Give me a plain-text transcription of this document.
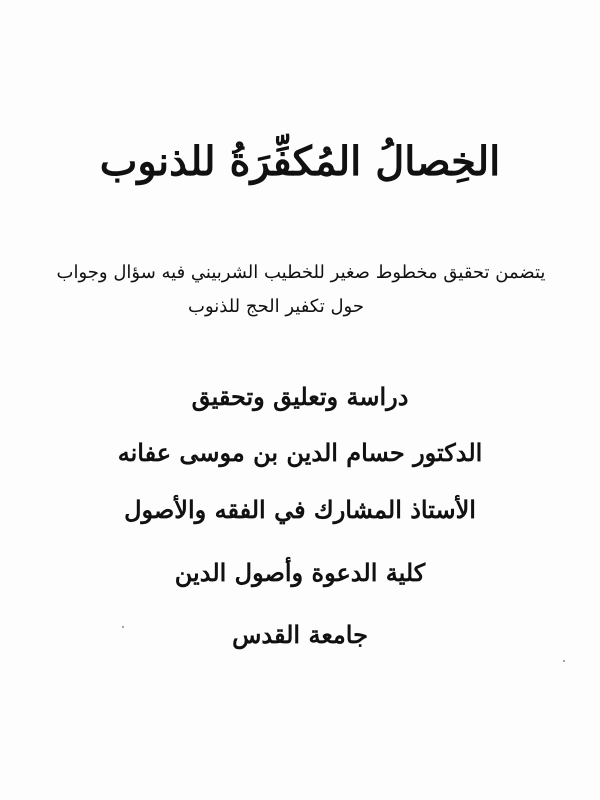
الخِصالُ المُكفِّرَةُ للذنوب
يتضمن تحقيق مخطوط صغير للخطيب الشربيني فيه سؤال وجواب
حول تكفير الحج للذنوب
دراسة وتعليق وتحقيق
الدكتور حسام الدين بن موسى عفانه
الأستاذ المشارك في الفقه والأصول
كلية الدعوة وأصول الدين
جامعة القدس
